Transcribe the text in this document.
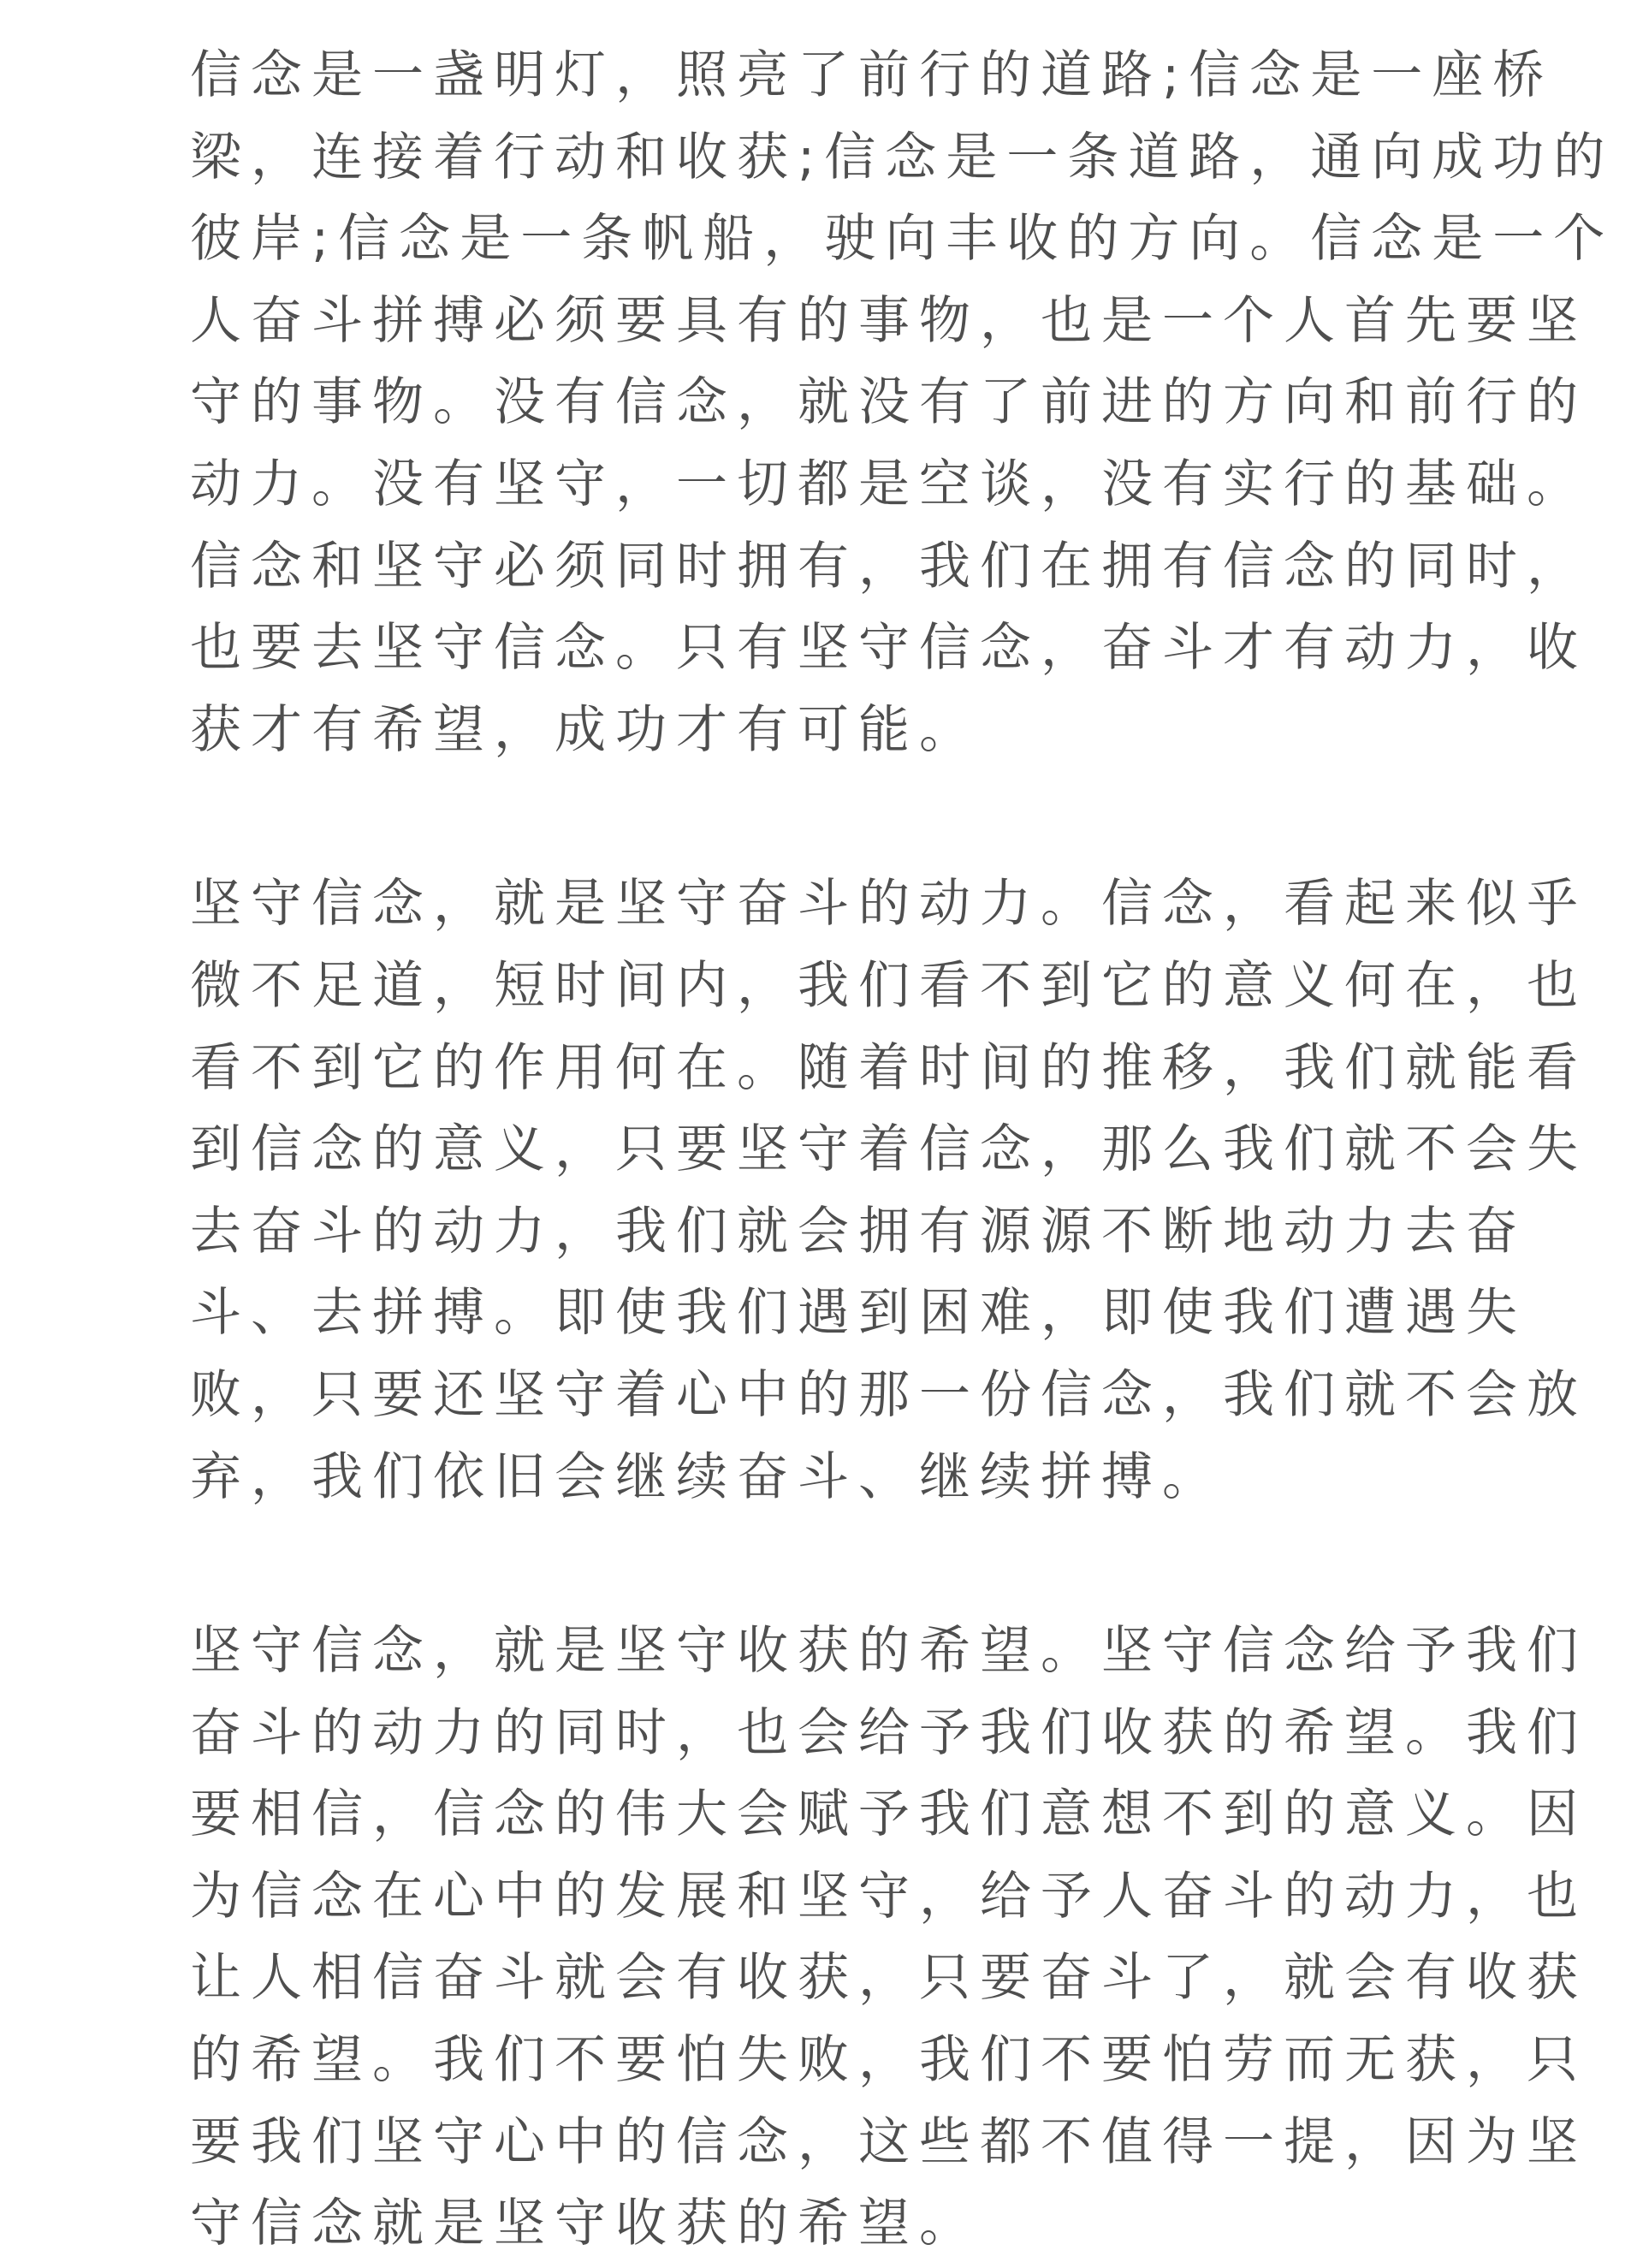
信念是一盏明灯，照亮了前行的道路;信念是一座桥
梁，连接着行动和收获;信念是一条道路，通向成功的
彼岸;信念是一条帆船，驶向丰收的方向。信念是一个
人奋斗拼搏必须要具有的事物，也是一个人首先要坚
守的事物。没有信念，就没有了前进的方向和前行的
动力。没有坚守，一切都是空谈，没有实行的基础。
信念和坚守必须同时拥有，我们在拥有信念的同时，
也要去坚守信念。只有坚守信念，奋斗才有动力，收
获才有希望，成功才有可能。
坚守信念，就是坚守奋斗的动力。信念，看起来似乎
微不足道，短时间内，我们看不到它的意义何在，也
看不到它的作用何在。随着时间的推移，我们就能看
到信念的意义，只要坚守着信念，那么我们就不会失
去奋斗的动力，我们就会拥有源源不断地动力去奋
斗、去拼搏。即使我们遇到困难，即使我们遭遇失
败，只要还坚守着心中的那一份信念，我们就不会放
弃，我们依旧会继续奋斗、继续拼搏。
坚守信念，就是坚守收获的希望。坚守信念给予我们
奋斗的动力的同时，也会给予我们收获的希望。我们
要相信，信念的伟大会赋予我们意想不到的意义。因
为信念在心中的发展和坚守，给予人奋斗的动力，也
让人相信奋斗就会有收获，只要奋斗了，就会有收获
的希望。我们不要怕失败，我们不要怕劳而无获，只
要我们坚守心中的信念，这些都不值得一提，因为坚
守信念就是坚守收获的希望。
